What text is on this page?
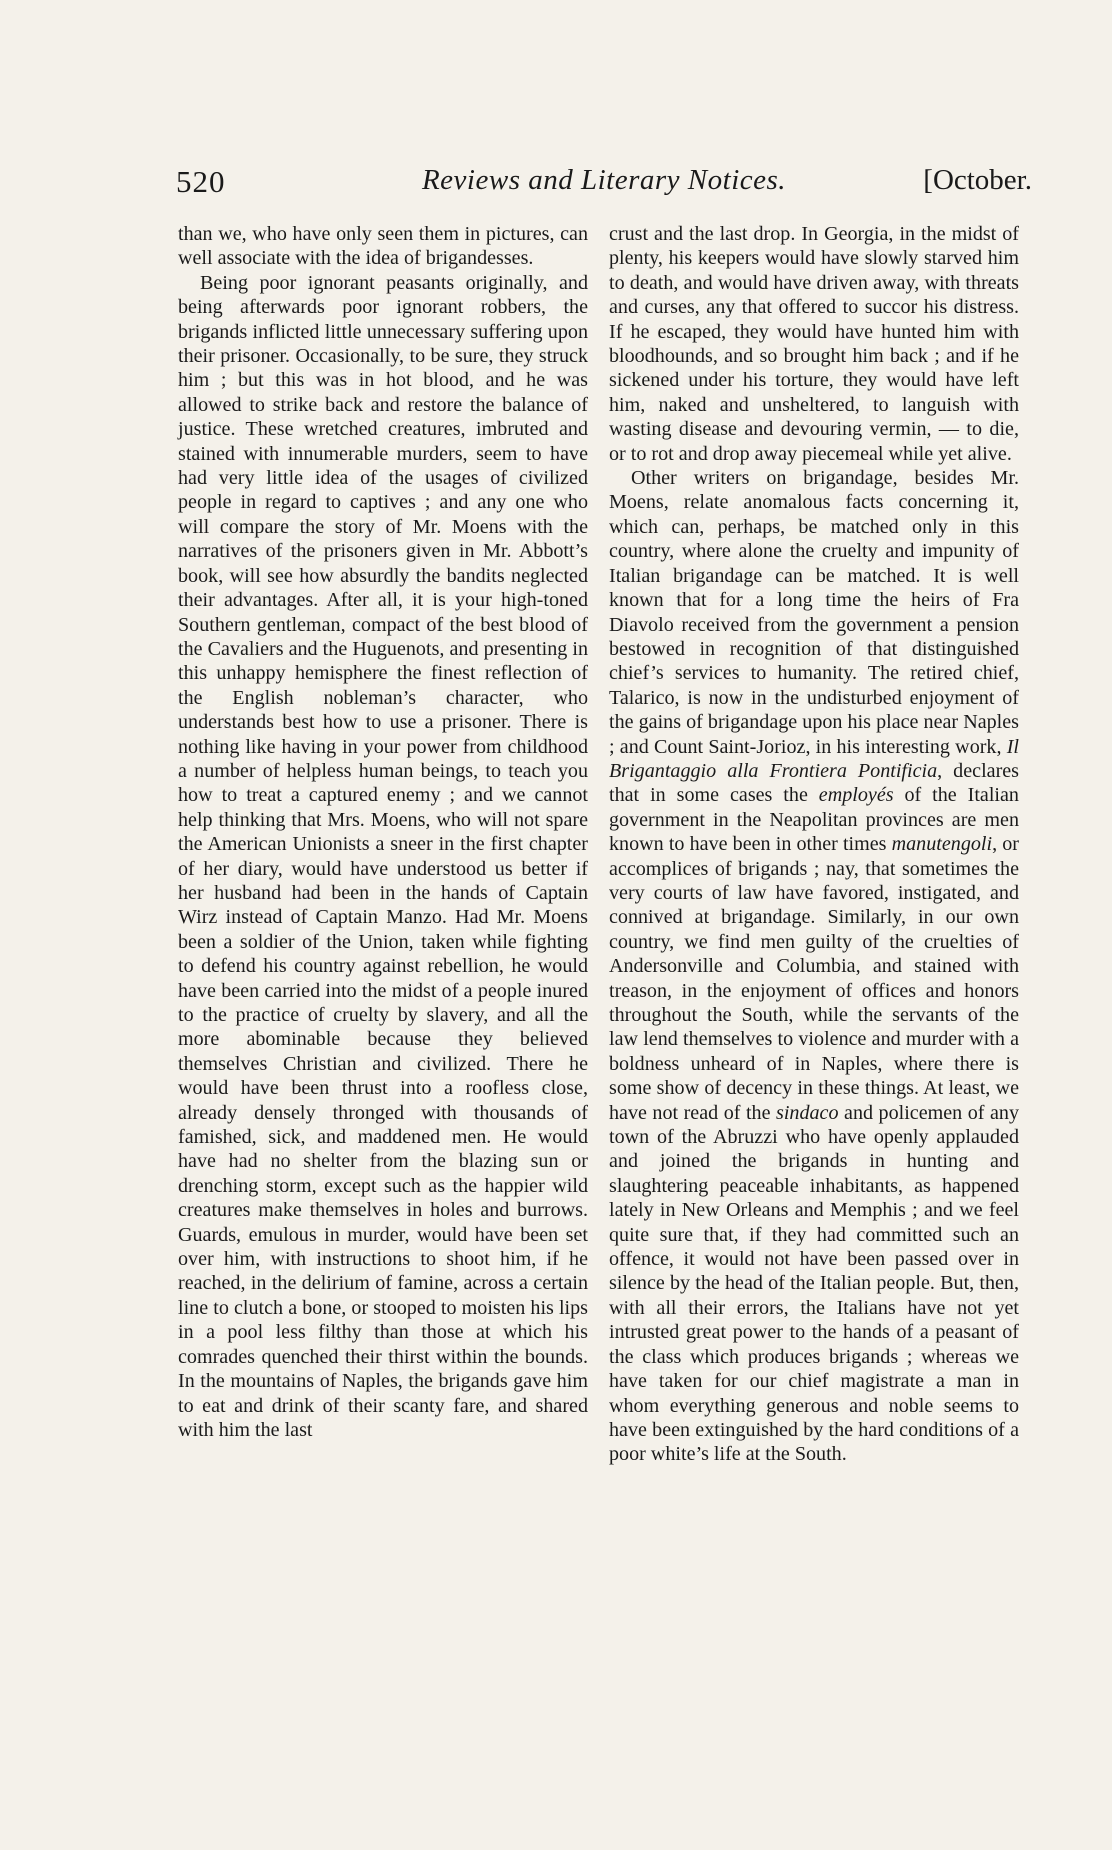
520	Reviews and Literary Notices.	[October.

than we, who have only seen them in pictures, can well associate with the idea of brigandesses.

Being poor ignorant peasants originally, and being afterwards poor ignorant robbers, the brigands inflicted little unnecessary suffering upon their prisoner. Occasionally, to be sure, they struck him ; but this was in hot blood, and he was allowed to strike back and restore the balance of justice. These wretched creatures, imbruted and stained with innumerable murders, seem to have had very little idea of the usages of civilized people in regard to captives ; and any one who will compare the story of Mr. Moens with the narratives of the prisoners given in Mr. Abbott’s book, will see how absurdly the bandits neglected their advantages. After all, it is your high-toned Southern gentleman, compact of the best blood of the Cavaliers and the Huguenots, and presenting in this unhappy hemisphere the finest reflection of the English nobleman’s character, who understands best how to use a prisoner. There is nothing like having in your power from childhood a number of helpless human beings, to teach you how to treat a captured enemy ; and we cannot help thinking that Mrs. Moens, who will not spare the American Unionists a sneer in the first chapter of her diary, would have understood us better if her husband had been in the hands of Captain Wirz instead of Captain Manzo. Had Mr. Moens been a soldier of the Union, taken while fighting to defend his country against rebellion, he would have been carried into the midst of a people inured to the practice of cruelty by slavery, and all the more abominable because they believed themselves Christian and civilized. There he would have been thrust into a roofless close, already densely thronged with thousands of famished, sick, and maddened men. He would have had no shelter from the blazing sun or drenching storm, except such as the happier wild creatures make themselves in holes and burrows. Guards, emulous in murder, would have been set over him, with instructions to shoot him, if he reached, in the delirium of famine, across a certain line to clutch a bone, or stooped to moisten his lips in a pool less filthy than those at which his comrades quenched their thirst within the bounds. In the mountains of Naples, the brigands gave him to eat and drink of their scanty fare, and shared with him the last

crust and the last drop. In Georgia, in the midst of plenty, his keepers would have slowly starved him to death, and would have driven away, with threats and curses, any that offered to succor his distress. If he escaped, they would have hunted him with bloodhounds, and so brought him back ; and if he sickened under his torture, they would have left him, naked and unsheltered, to languish with wasting disease and devouring vermin, — to die, or to rot and drop away piecemeal while yet alive.

Other writers on brigandage, besides Mr. Moens, relate anomalous facts concerning it, which can, perhaps, be matched only in this country, where alone the cruelty and impunity of Italian brigandage can be matched. It is well known that for a long time the heirs of Fra Diavolo received from the government a pension bestowed in recognition of that distinguished chief’s services to humanity. The retired chief, Talarico, is now in the undisturbed enjoyment of the gains of brigandage upon his place near Naples ; and Count Saint-Jorioz, in his interesting work, Il Brigantaggio alla Frontiera Pontificia, declares that in some cases the employés of the Italian government in the Neapolitan provinces are men known to have been in other times manutengoli, or accomplices of brigands ; nay, that sometimes the very courts of law have favored, instigated, and connived at brigandage. Similarly, in our own country, we find men guilty of the cruelties of Andersonville and Columbia, and stained with treason, in the enjoyment of offices and honors throughout the South, while the servants of the law lend themselves to violence and murder with a boldness unheard of in Naples, where there is some show of decency in these things. At least, we have not read of the sindaco and policemen of any town of the Abruzzi who have openly applauded and joined the brigands in hunting and slaughtering peaceable inhabitants, as happened lately in New Orleans and Memphis ; and we feel quite sure that, if they had committed such an offence, it would not have been passed over in silence by the head of the Italian people. But, then, with all their errors, the Italians have not yet intrusted great power to the hands of a peasant of the class which produces brigands ; whereas we have taken for our chief magistrate a man in whom everything generous and noble seems to have been extinguished by the hard conditions of a poor white’s life at the South.
